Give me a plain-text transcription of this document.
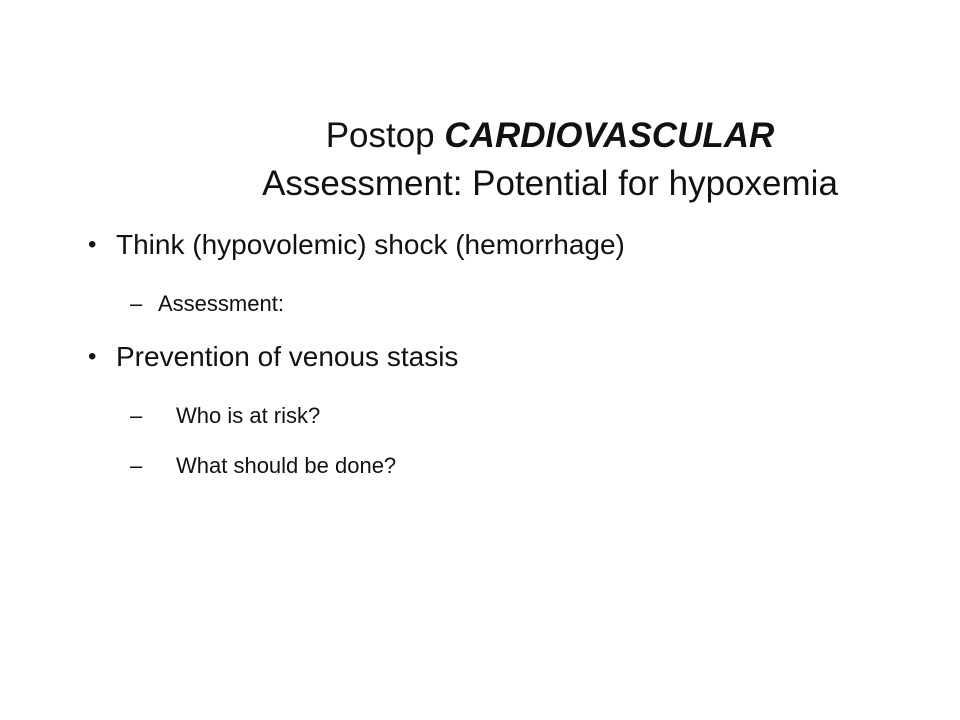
Postop CARDIOVASCULAR
Assessment: Potential for hypoxemia
• Think (hypovolemic) shock (hemorrhage)
– Assessment:
• Prevention of venous stasis
– Who is at risk?
– What should be done?
